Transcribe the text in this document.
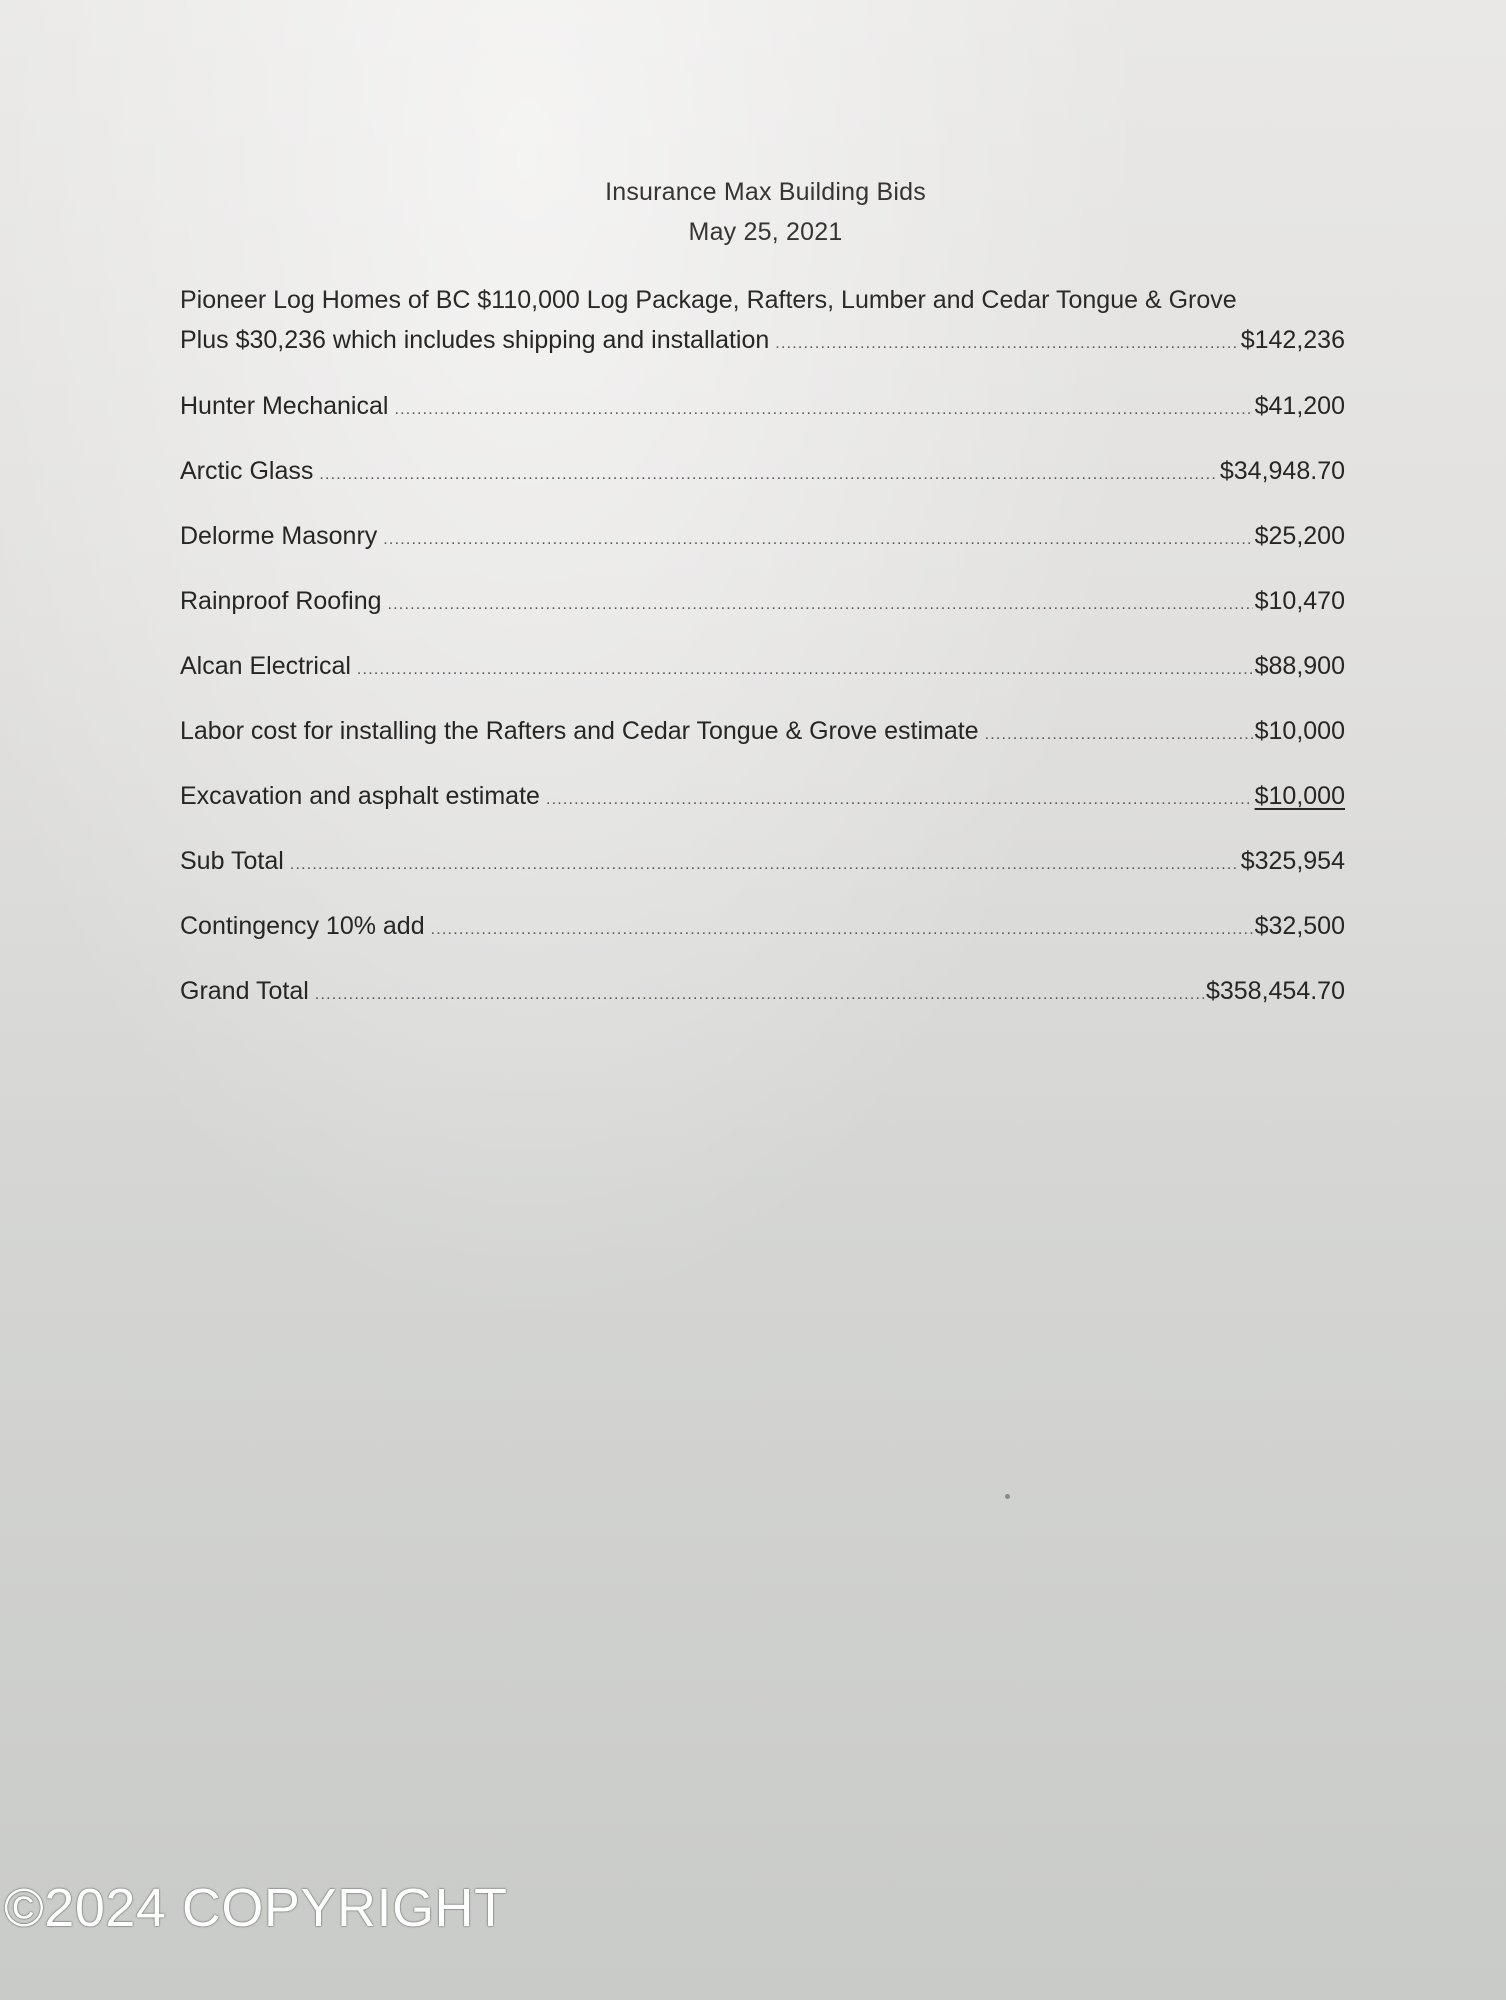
Insurance Max Building Bids
May 25, 2021
Pioneer Log Homes of BC $110,000 Log Package, Rafters, Lumber and Cedar Tongue & Grove
Plus $30,236 which includes shipping and installation .....	$142,236
Hunter Mechanical .....	$41,200
Arctic Glass .....	$34,948.70
Delorme Masonry .....	$25,200
Rainproof Roofing .....	$10,470
Alcan Electrical .....	$88,900
Labor cost for installing the Rafters and Cedar Tongue & Grove estimate .....	$10,000
Excavation and asphalt estimate .....	$10,000
Sub Total .....	$325,954
Contingency 10% add .....	$32,500
Grand Total .....	$358,454.70
©2024 COPYRIGHT
